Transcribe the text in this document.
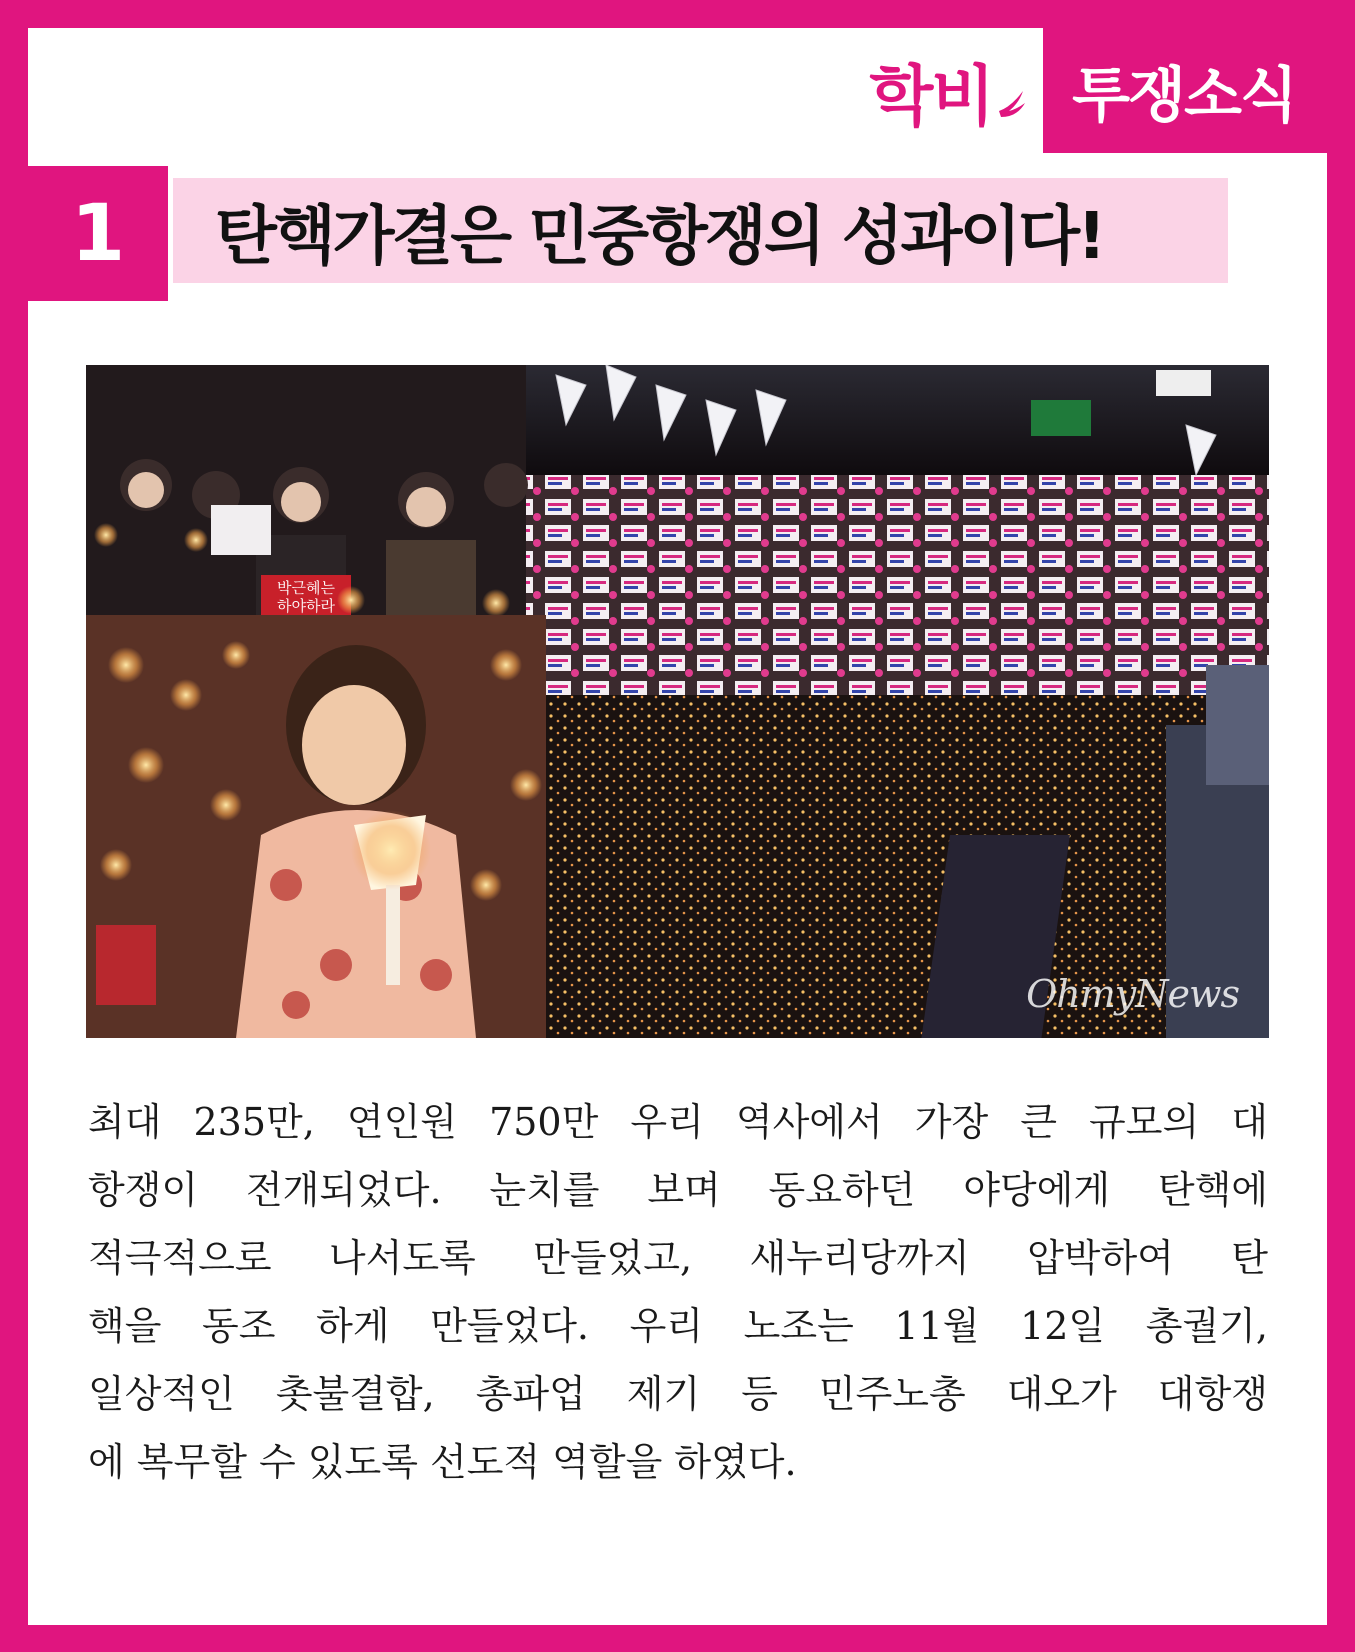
학비	투쟁소식
1	탄핵가결은 민중항쟁의 성과이다!
박근혜는
하야하라
OhmyNews
최대 235만, 연인원 750만 우리 역사에서 가장 큰 규모의 대
항쟁이 전개되었다. 눈치를 보며 동요하던 야당에게 탄핵에
적극적으로 나서도록 만들었고, 새누리당까지 압박하여 탄
핵을 동조 하게 만들었다. 우리 노조는 11월 12일 총궐기,
일상적인 촛불결합, 총파업 제기 등 민주노총 대오가 대항쟁
에 복무할 수 있도록 선도적 역할을 하였다.
